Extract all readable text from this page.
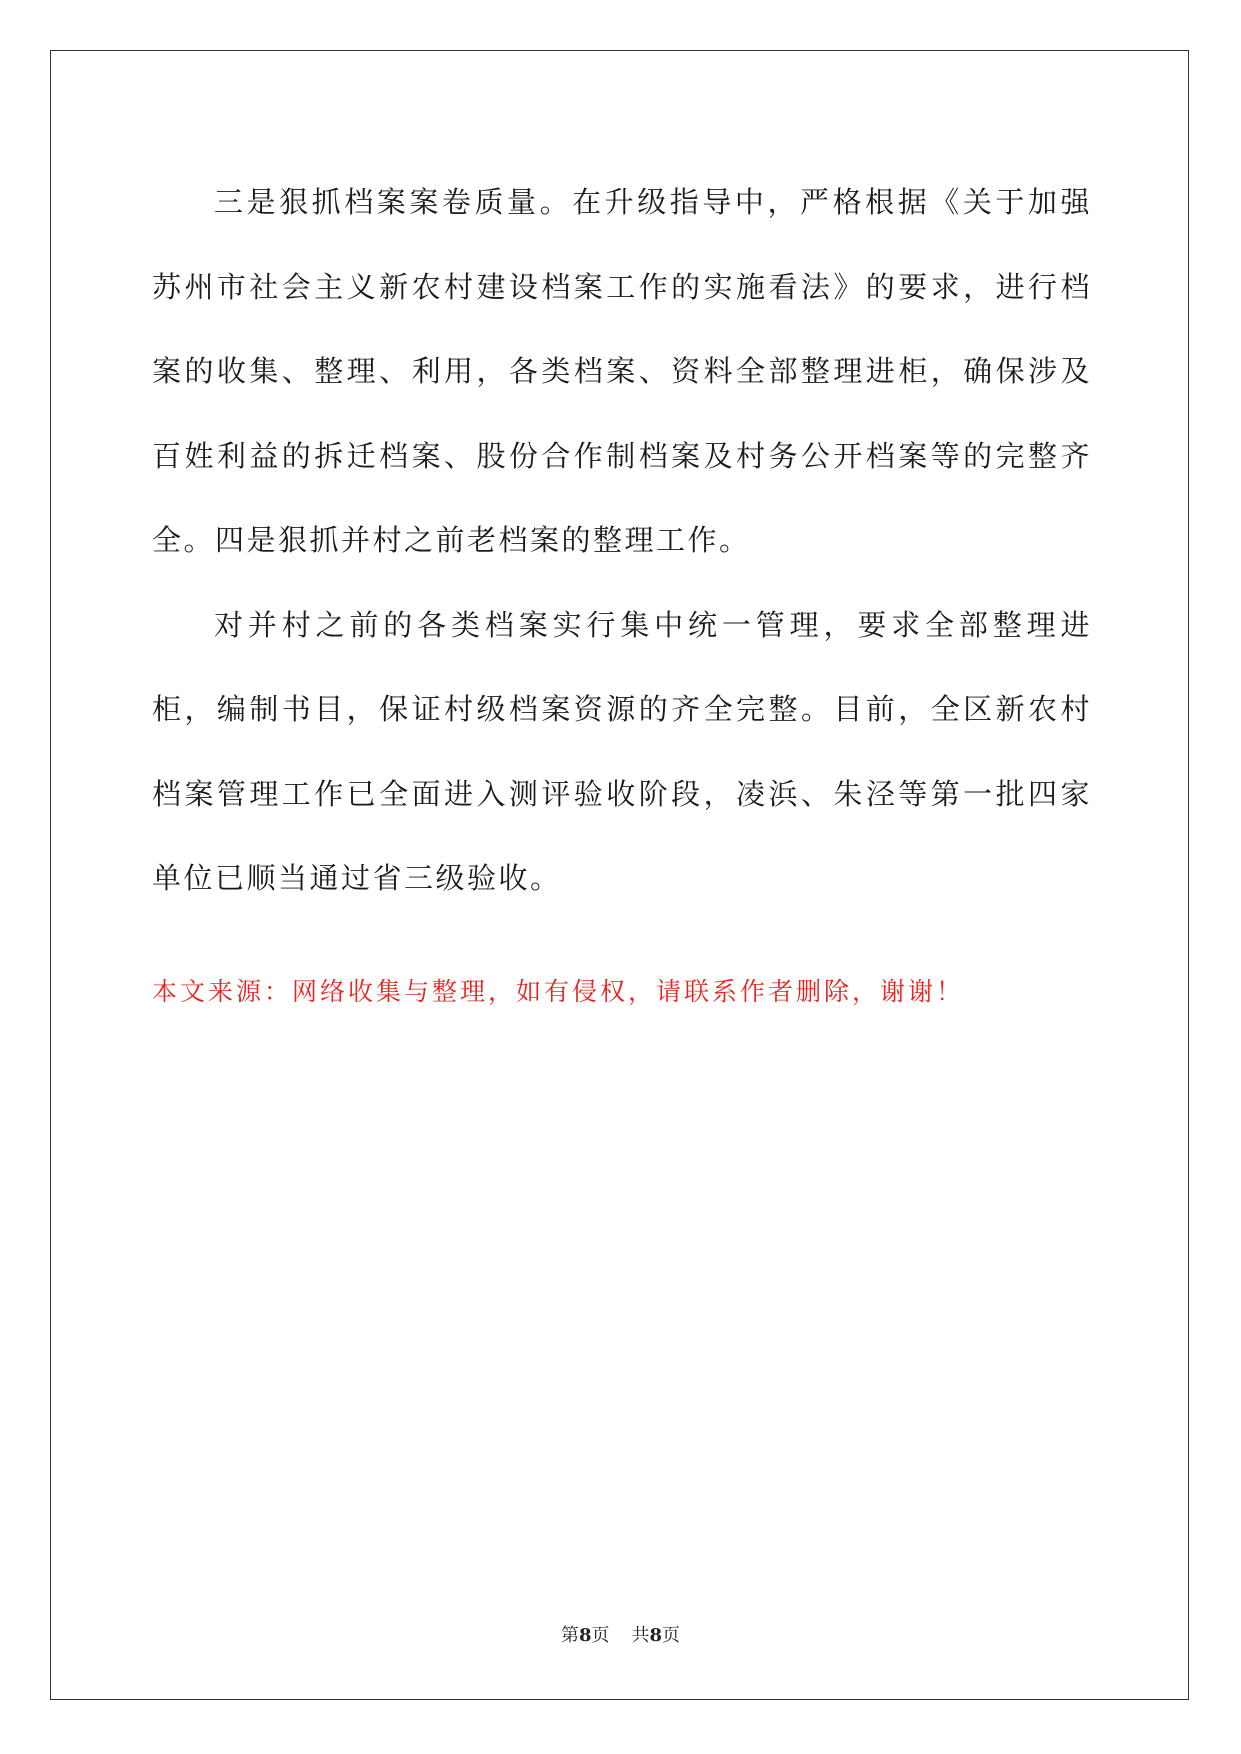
三是狠抓档案案卷质量。在升级指导中，严格根据《关于加强苏州市社会主义新农村建设档案工作的实施看法》的要求，进行档案的收集、整理、利用，各类档案、资料全部整理进柜，确保涉及百姓利益的拆迁档案、股份合作制档案及村务公开档案等的完整齐全。四是狠抓并村之前老档案的整理工作。

对并村之前的各类档案实行集中统一管理，要求全部整理进柜，编制书目，保证村级档案资源的齐全完整。目前，全区新农村档案管理工作已全面进入测评验收阶段，凌浜、朱泾等第一批四家单位已顺当通过省三级验收。

本文来源：网络收集与整理，如有侵权，请联系作者删除，谢谢！

第8页 共8页
